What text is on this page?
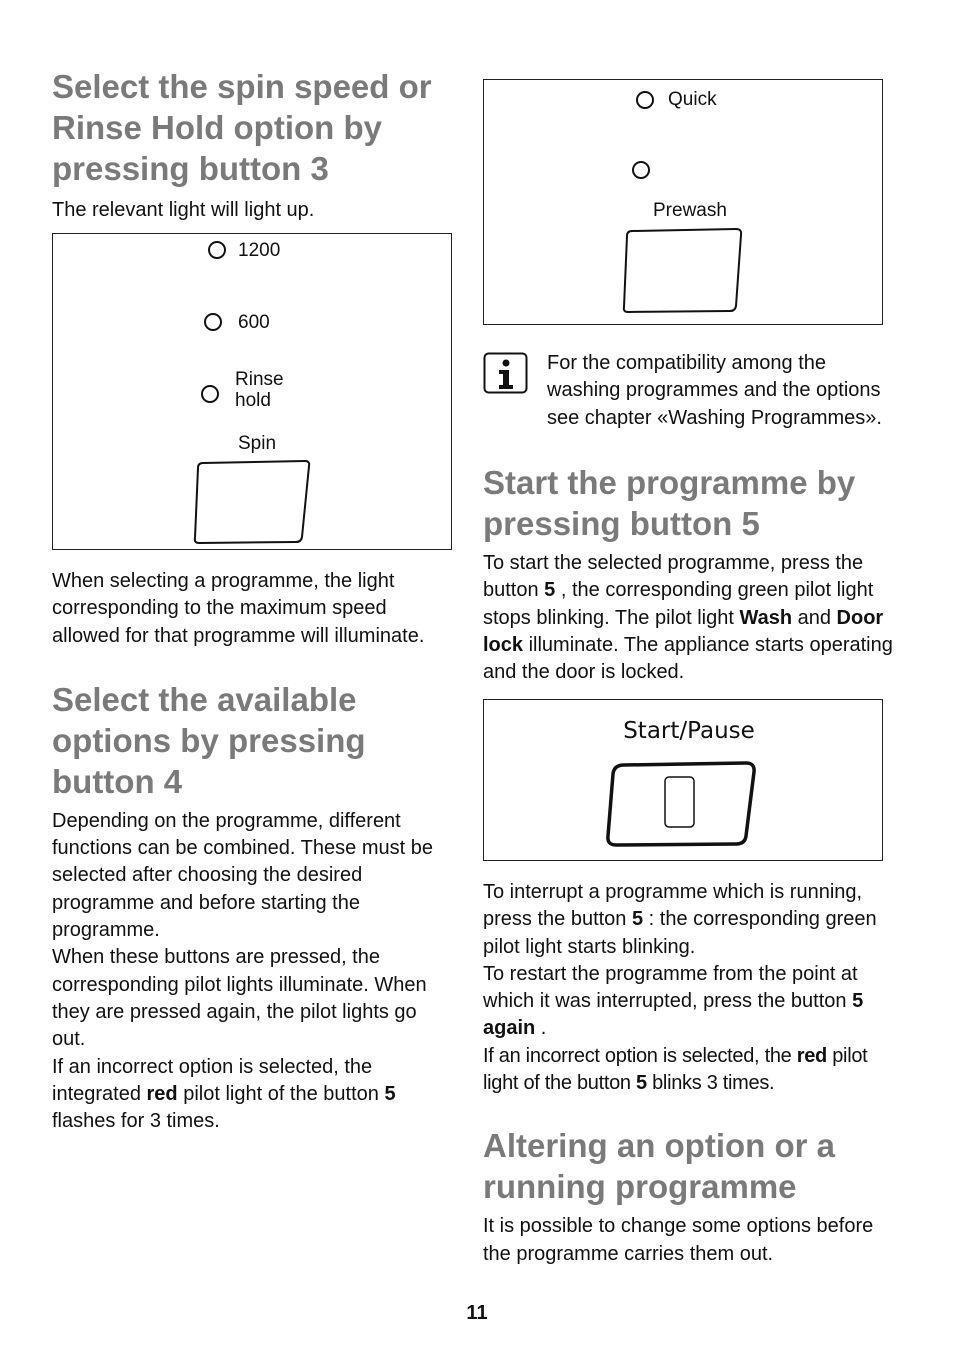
Select the spin speed or Rinse Hold option by pressing button 3

The relevant light will light up.

1200
600
Rinse
hold
Spin

When selecting a programme, the light corresponding to the maximum speed allowed for that programme will illuminate.

Select the available options by pressing button 4

Depending on the programme, different functions can be combined. These must be selected after choosing the desired programme and before starting the programme.

When these buttons are pressed, the corresponding pilot lights illuminate. When they are pressed again, the pilot lights go out.

If an incorrect option is selected, the integrated red pilot light of the button 5 flashes for 3 times.

Quick
Prewash

For the compatibility among the washing programmes and the options see chapter «Washing Programmes».

Start the programme by pressing button 5

To start the selected programme, press the button 5 , the corresponding green pilot light stops blinking. The pilot light Wash and Door lock illuminate. The appliance starts operating and the door is locked.

Start/Pause

To interrupt a programme which is running, press the button 5 : the corresponding green pilot light starts blinking.

To restart the programme from the point at which it was interrupted, press the button 5 again .

If an incorrect option is selected, the red pilot light of the button 5 blinks 3 times.

Altering an option or a running programme

It is possible to change some options before the programme carries them out.

11
